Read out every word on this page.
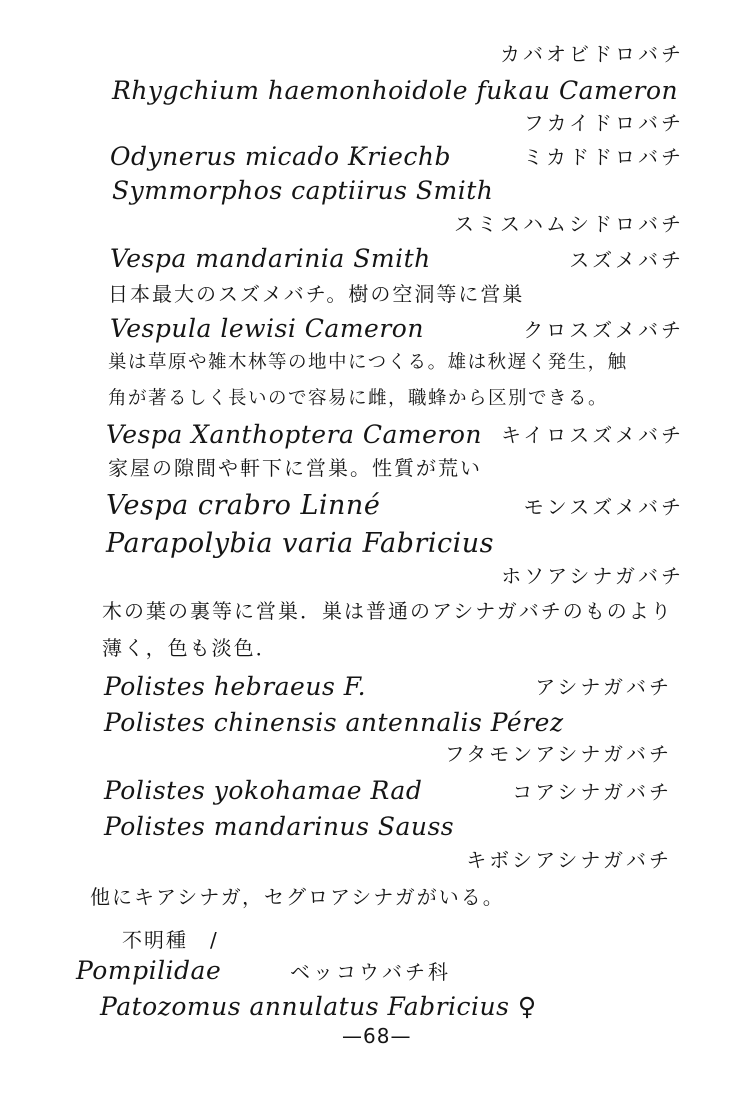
カバオビドロバチ
Rhygchium haemonhoidole fukau Cameron
フカイドロバチ
Odynerus micado Kriechb	ミカドドロバチ
Symmorphos captiirus Smith
スミスハムシドロバチ
Vespa mandarinia Smith	スズメバチ
日本最大のスズメバチ。樹の空洞等に営巣
Vespula lewisi Cameron	クロスズメバチ
巣は草原や雑木林等の地中につくる。雄は秋遅く発生，触
角が著るしく長いので容易に雌，職蜂から区別できる。
Vespa Xanthoptera Cameron キイロスズメバチ
家屋の隙間や軒下に営巣。性質が荒い
Vespa crabro Linné	モンスズメバチ
Parapolybia varia Fabricius
ホソアシナガバチ
木の葉の裏等に営巣．巣は普通のアシナガバチのものより
薄く，色も淡色．
Polistes hebraeus F.	アシナガバチ
Polistes chinensis antennalis Pérez
フタモンアシナガバチ
Polistes yokohamae Rad	コアシナガバチ
Polistes mandarinus Sauss
キボシアシナガバチ
他にキアシナガ，セグロアシナガがいる。
不明種　/
Pompilidae	ベッコウバチ科
Patozomus annulatus Fabricius ♀
—68—
